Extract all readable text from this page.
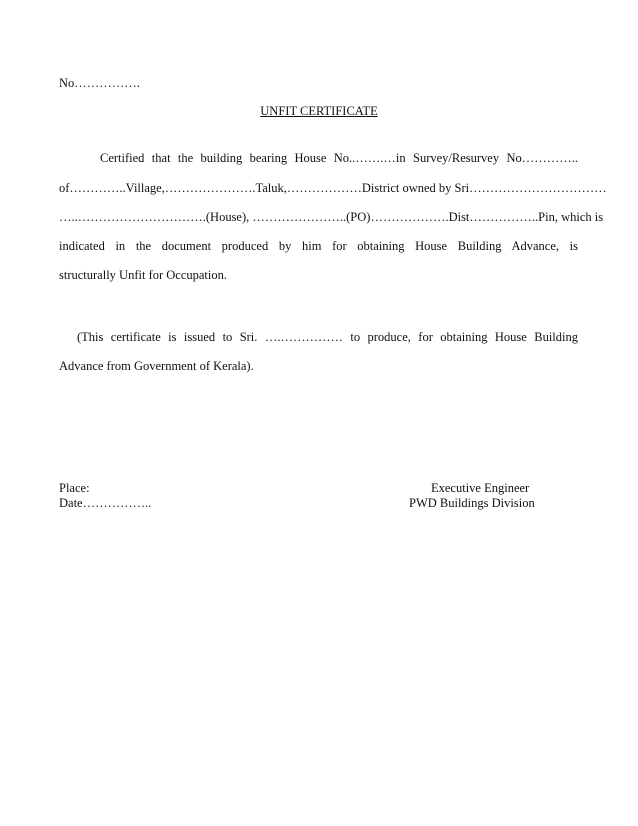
No…………….
UNFIT CERTIFICATE
Certified that the building bearing House No..…….…in Survey/Resurvey No…………..
of…………..Village,………………….Taluk,………………District owned by Sri……………………………
…..………………………….(House), …………………..(PO)……………….Dist……………..Pin, which is
indicated in the document produced by him for obtaining House Building Advance, is
structurally Unfit for Occupation.
(This certificate is issued to Sri. ….…………… to produce, for obtaining House Building
Advance from Government of Kerala).
Place:
Date……………..
Executive Engineer
PWD Buildings Division
